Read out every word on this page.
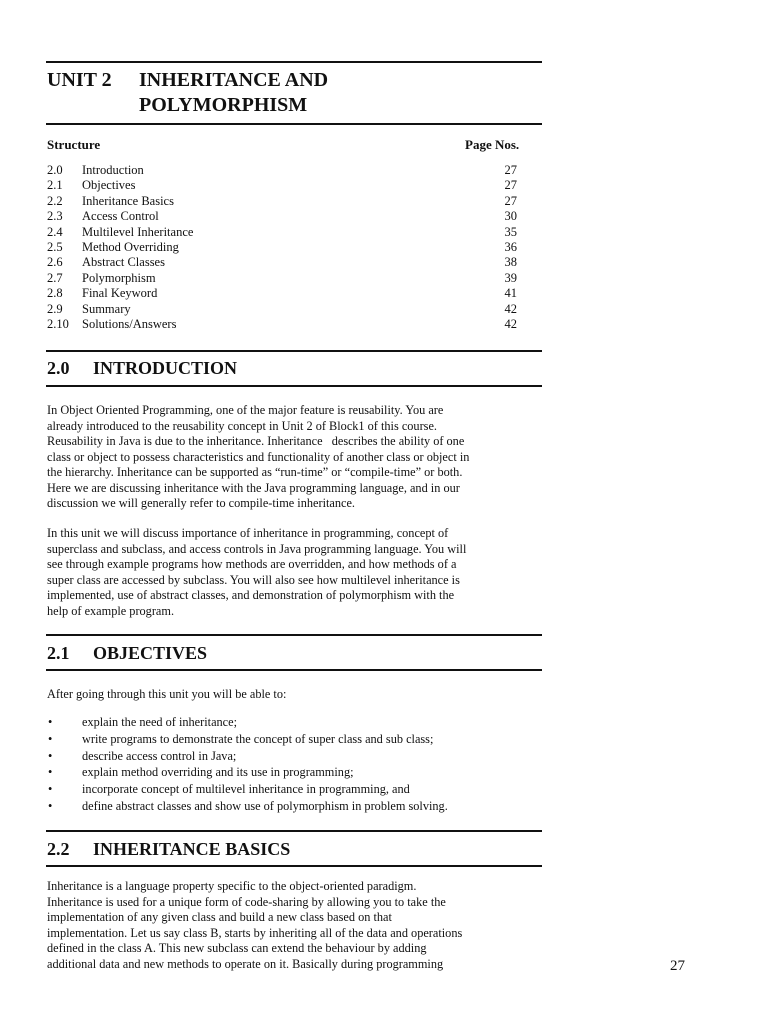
UNIT 2 INHERITANCE AND
POLYMORPHISM
Structure	Page Nos.
2.0 Introduction	27
2.1 Objectives	27
2.2 Inheritance Basics	27
2.3 Access Control	30
2.4 Multilevel Inheritance	35
2.5 Method Overriding	36
2.6 Abstract Classes	38
2.7 Polymorphism	39
2.8 Final Keyword	41
2.9 Summary	42
2.10 Solutions/Answers	42
2.0 INTRODUCTION
In Object Oriented Programming, one of the major feature is reusability. You are
already introduced to the reusability concept in Unit 2 of Block1 of this course.
Reusability in Java is due to the inheritance. Inheritance   describes the ability of one
class or object to possess characteristics and functionality of another class or object in
the hierarchy. Inheritance can be supported as “run-time” or “compile-time” or both.
Here we are discussing inheritance with the Java programming language, and in our
discussion we will generally refer to compile-time inheritance.
In this unit we will discuss importance of inheritance in programming, concept of
superclass and subclass, and access controls in Java programming language. You will
see through example programs how methods are overridden, and how methods of a
super class are accessed by subclass. You will also see how multilevel inheritance is
implemented, use of abstract classes, and demonstration of polymorphism with the
help of example program.
2.1 OBJECTIVES
After going through this unit you will be able to:
• explain the need of inheritance;
• write programs to demonstrate the concept of super class and sub class;
• describe access control in Java;
• explain method overriding and its use in programming;
• incorporate concept of multilevel inheritance in programming, and
• define abstract classes and show use of polymorphism in problem solving.
2.2 INHERITANCE BASICS
Inheritance is a language property specific to the object-oriented paradigm.
Inheritance is used for a unique form of code-sharing by allowing you to take the
implementation of any given class and build a new class based on that
implementation. Let us say class B, starts by inheriting all of the data and operations
defined in the class A. This new subclass can extend the behaviour by adding
additional data and new methods to operate on it. Basically during programming	27
